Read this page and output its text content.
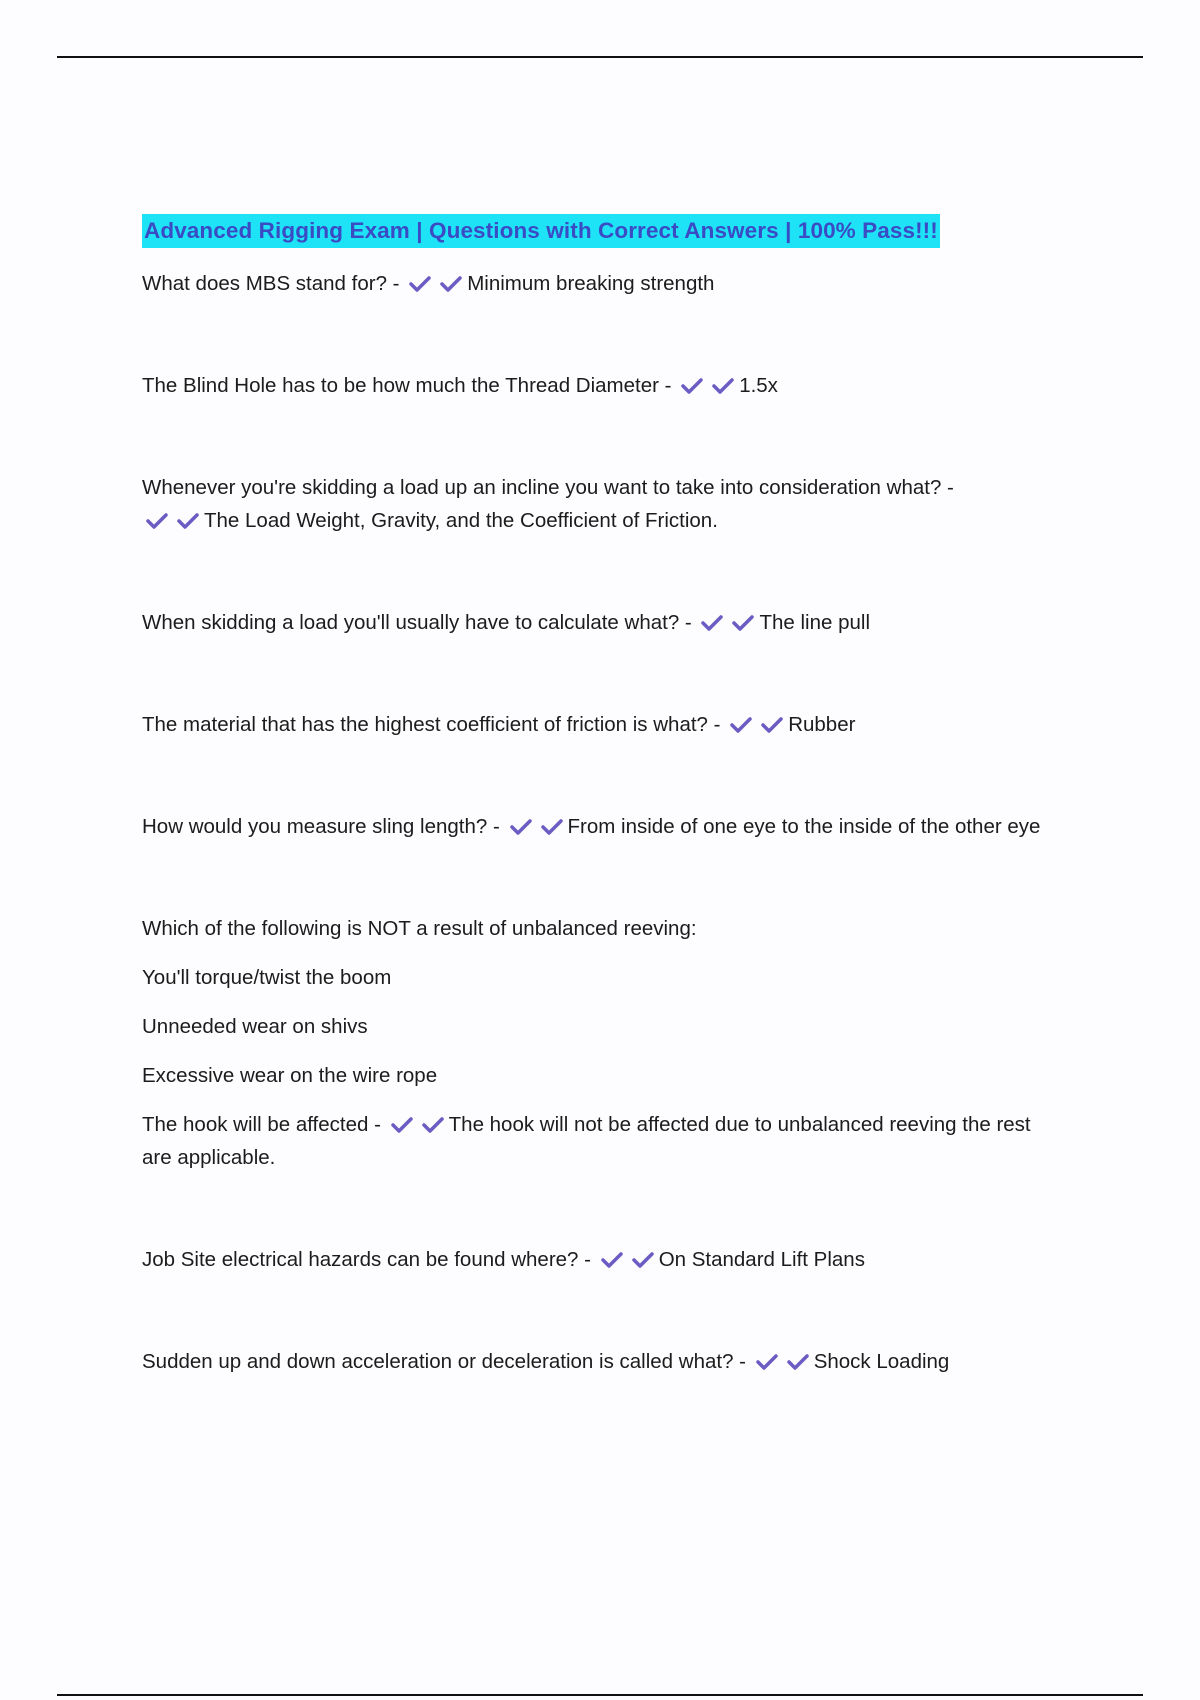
Advanced Rigging Exam | Questions with Correct Answers | 100% Pass!!!
What does MBS stand for? -	Minimum breaking strength
The Blind Hole has to be how much the Thread Diameter -	1.5x
Whenever you're skidding a load up an incline you want to take into consideration what? -

The Load Weight, Gravity, and the Coefficient of Friction.
When skidding a load you'll usually have to calculate what? -	The line pull
The material that has the highest coefficient of friction is what? -	Rubber
How would you measure sling length? -	From inside of one eye to the inside of the other eye
Which of the following is NOT a result of unbalanced reeving:
You'll torque/twist the boom
Unneeded wear on shivs
Excessive wear on the wire rope
The hook will be affected -	The hook will not be affected due to unbalanced reeving the rest are applicable.
Job Site electrical hazards can be found where? -	On Standard Lift Plans
Sudden up and down acceleration or deceleration is called what? -	Shock Loading
